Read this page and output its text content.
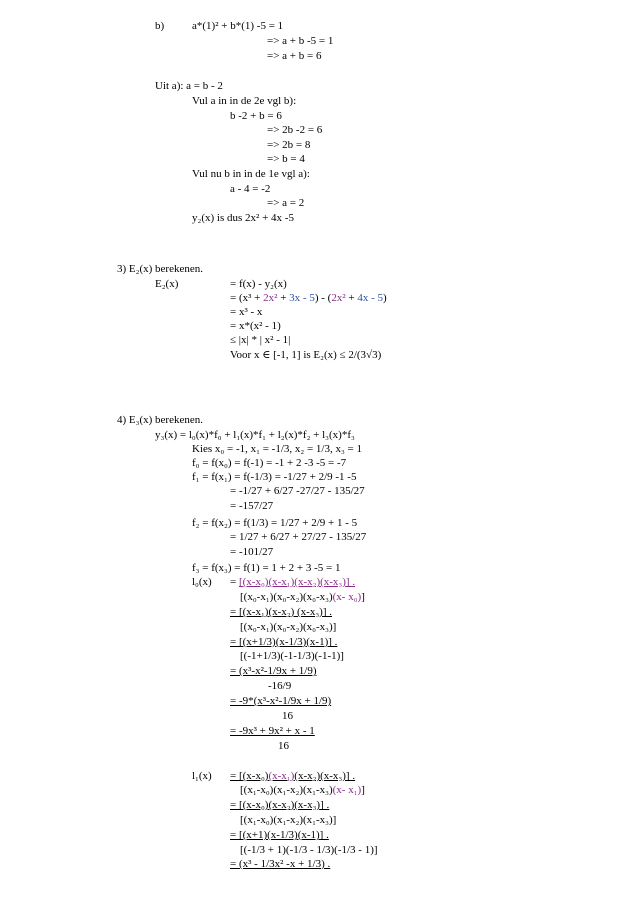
b)	a*(1)² + b*(1) -5 = 1
=> a + b -5 = 1
=> a + b = 6
Uit a): a = b - 2
Vul a in in de 2e vgl b):
b -2 + b = 6
=> 2b -2 = 6
=> 2b = 8
=> b = 4
Vul nu b in in de 1e vgl a):
a - 4 = -2
=> a = 2
y₂(x) is dus 2x² + 4x -5
3) E₂(x) berekenen.
E₂(x)	= f(x) - y₂(x)
= (x³ + 2x² + 3x - 5) - (2x² + 4x - 5)
= x³ - x
= x*(x² - 1)
≤ |x| * | x² - 1|
Voor x ∈ [-1, 1] is E₂(x) ≤ 2/(3√3)
4) E₃(x) berekenen.
y₃(x) = l₀(x)*f₀ + l₁(x)*f₁ + l₂(x)*f₂ + l₃(x)*f₃
Kies x₀ = -1, x₁ = -1/3, x₂ = 1/3, x₃ = 1
f₀ = f(x₀) = f(-1) = -1 + 2 -3 -5 = -7
f₁ = f(x₁) = f(-1/3) = -1/27 + 2/9 -1 -5
= -1/27 + 6/27 -27/27 - 135/27
= -157/27
f₂ = f(x₂) = f(1/3) = 1/27 + 2/9 + 1 - 5
= 1/27 + 6/27 + 27/27 - 135/27
= -101/27
f₃ = f(x₃) = f(1) = 1 + 2 + 3 -5 = 1
l₀(x) = [(x-x₀)(x-x₁)(x-x₂)(x-x₃)] .
[(x₀-x₁)(x₀-x₂)(x₀-x₃)(x- x₀)]
= [(x-x₁)(x-x₂) (x-x₃)] .
[(x₀-x₁)(x₀-x₂)(x₀-x₃)]
= [(x+1/3)(x-1/3)(x-1)] .
[(-1+1/3)(-1-1/3)(-1-1)]
= (x³-x²-1/9x + 1/9)
-16/9
= -9*(x³-x²-1/9x + 1/9)
16
= -9x³ + 9x² + x - 1
16
l₁(x) = [(x-x₀)(x-x₁)(x-x₂)(x-x₃)] .
[(x₁-x₀)(x₁-x₂)(x₁-x₃)(x- x₁)]
= [(x-x₀)(x-x₂)(x-x₃)] .
[(x₁-x₀)(x₁-x₂)(x₁-x₃)]
= [(x+1)(x-1/3)(x-1)] .
[(-1/3 + 1)(-1/3 - 1/3)(-1/3 - 1)]
= (x³ - 1/3x² -x + 1/3) .
